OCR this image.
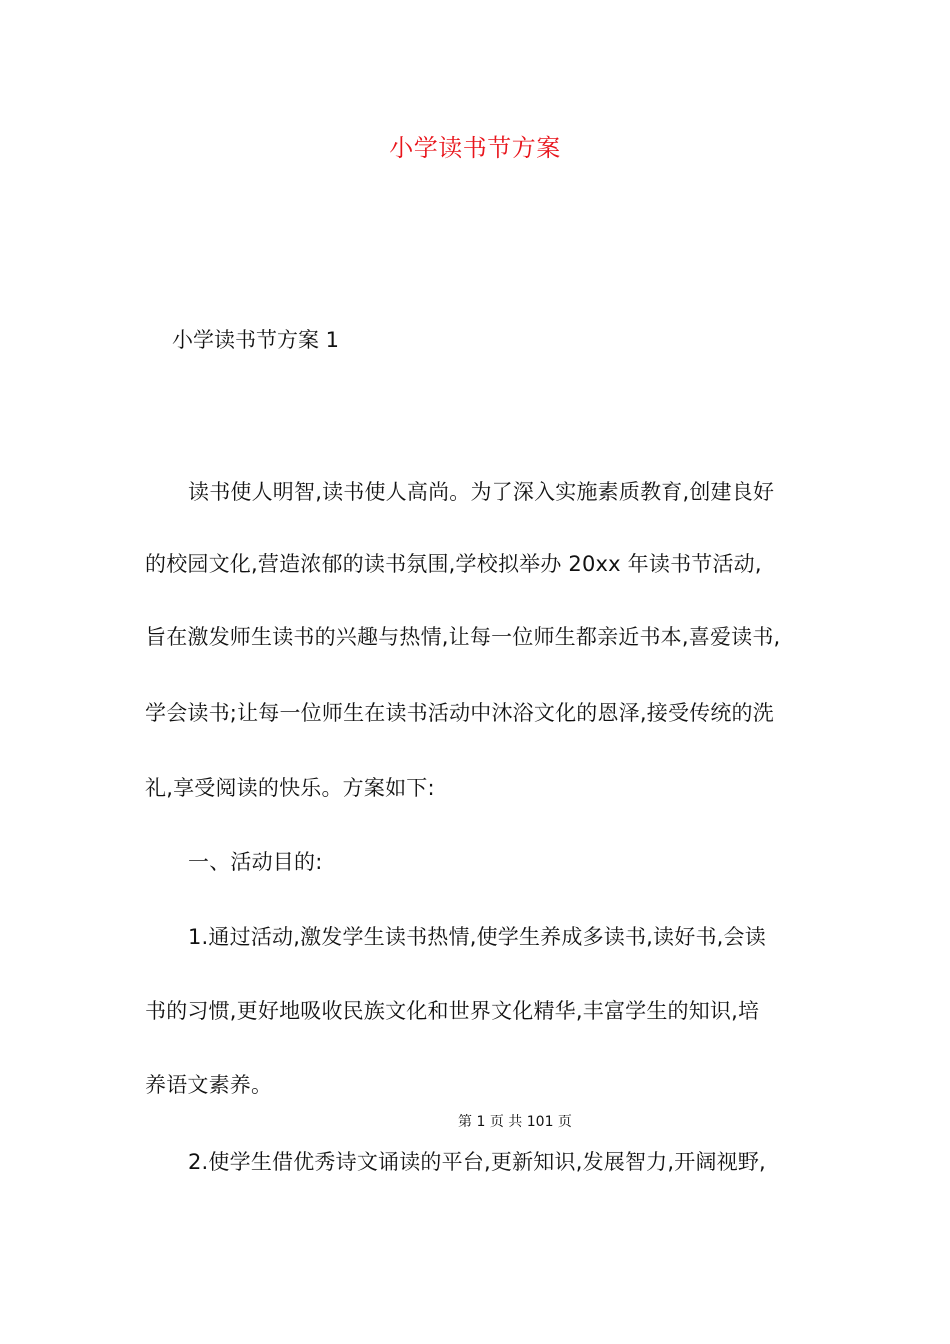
小学读书节方案
小学读书节方案 1
读书使人明智,读书使人高尚。为了深入实施素质教育,创建良好
的校园文化,营造浓郁的读书氛围,学校拟举办 20xx 年读书节活动,
旨在激发师生读书的兴趣与热情,让每一位师生都亲近书本,喜爱读书,
学会读书;让每一位师生在读书活动中沐浴文化的恩泽,接受传统的洗
礼,享受阅读的快乐。方案如下:
一、活动目的:
1.通过活动,激发学生读书热情,使学生养成多读书,读好书,会读
书的习惯,更好地吸收民族文化和世界文化精华,丰富学生的知识,培
养语文素养。
第 1 页 共 101 页
2.使学生借优秀诗文诵读的平台,更新知识,发展智力,开阔视野,
